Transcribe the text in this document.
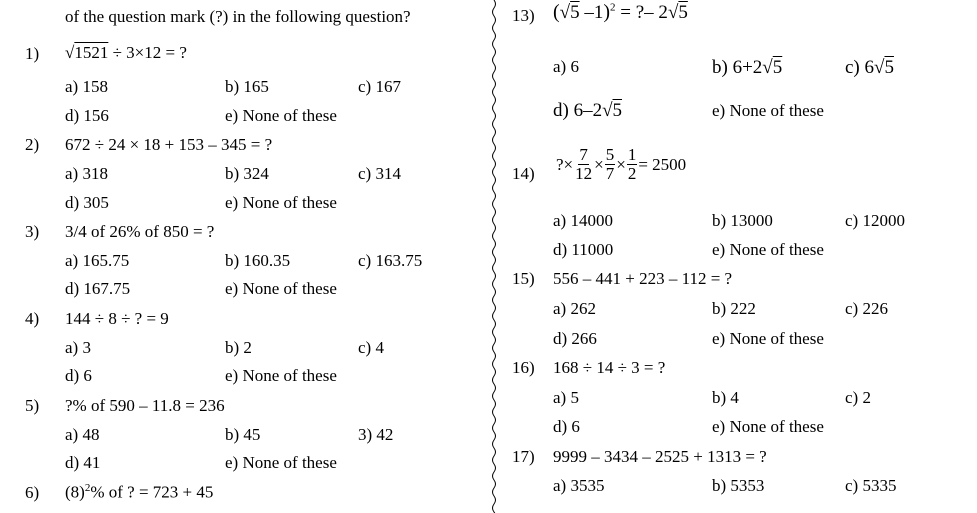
of the question mark (?) in the following question?
1) √1521 ÷ 3×12 = ?
a) 158	b) 165	c) 167
d) 156	e) None of these
2) 672 ÷ 24 × 18 + 153 – 345 = ?
a) 318	b) 324	c) 314
d) 305	e) None of these
3) 3/4 of 26% of 850 = ?
a) 165.75	b) 160.35	c) 163.75
d) 167.75	e) None of these
4) 144 ÷ 8 ÷ ? = 9
a) 3	b) 2	c) 4
d) 6	e) None of these
5) ?% of 590 – 11.8 = 236
a) 48	b) 45	3) 42
d) 41	e) None of these
6) $(8)^2\%$ of ? = 723 + 45
13) (√5 –1)$^2$ = ?– 2√5
a) 6	b) 6+2√5	c) 6√5
d) 6–2√5	e) None of these
14) ?× $\frac{7}{12} \times \frac{5}{7} \times \frac{1}{2} = 2500$
a) 14000	b) 13000	c) 12000
d) 11000	e) None of these
15) 556 – 441 + 223 – 112 = ?
a) 262	b) 222	c) 226
d) 266	e) None of these
16) 168 ÷ 14 ÷ 3 = ?
a) 5	b) 4	c) 2
d) 6	e) None of these
17) 9999 – 3434 – 2525 + 1313 = ?
a) 3535	b) 5353	c) 5335
